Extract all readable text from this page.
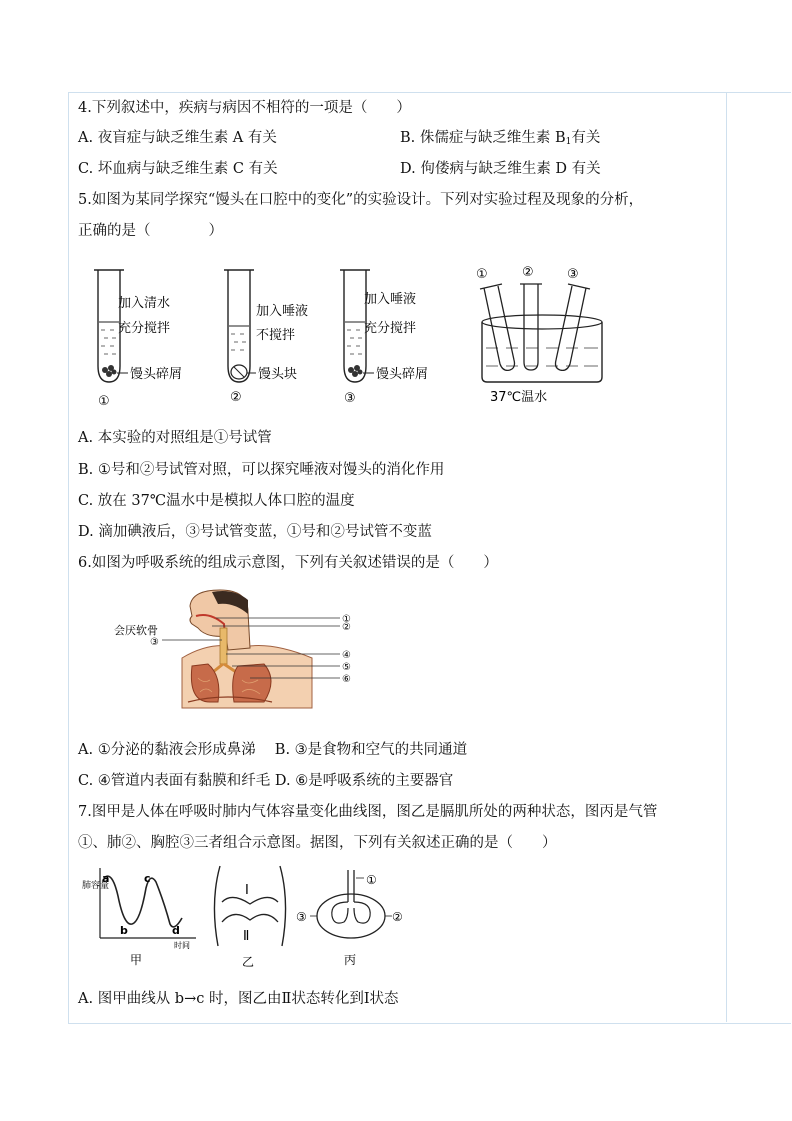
4.下列叙述中，疾病与病因不相符的一项是（　　）
A. 夜盲症与缺乏维生素 A 有关	B. 侏儒症与缺乏维生素 $B_1$有关
C. 坏血病与缺乏维生素 C 有关	D. 佝偻病与缺乏维生素 D 有关
5.如图为某同学探究“馒头在口腔中的变化”的实验设计。下列对实验过程及现象的分析，
正确的是（　　　　）
加入清水
充分搅拌
馒头碎屑
①
加入唾液
不搅拌
馒头块
②
加入唾液
充分搅拌
馒头碎屑
③
①	②	③
37℃温水
A. 本实验的对照组是①号试管
B. ①号和②号试管对照，可以探究唾液对馒头的消化作用
C. 放在 37℃温水中是模拟人体口腔的温度
D. 滴加碘液后，③号试管变蓝，①号和②号试管不变蓝
6.如图为呼吸系统的组成示意图，下列有关叙述错误的是（　　）
会厌软骨
③
①
②
④
⑤
⑥
A. ①分泌的黏液会形成鼻涕　 B. ③是食物和空气的共同通道
C. ④管道内表面有黏膜和纤毛 D. ⑥是呼吸系统的主要器官
7.图甲是人体在呼吸时肺内气体容量变化曲线图，图乙是膈肌所处的两种状态，图丙是气管
①、肺②、胸腔③三者组合示意图。据图，下列有关叙述正确的是（　　）
肺容量
a
b
c
d
时间
甲
Ⅰ
Ⅱ
乙
①
②
③
丙
A. 图甲曲线从 b→c 时，图乙由Ⅱ状态转化到Ⅰ状态
